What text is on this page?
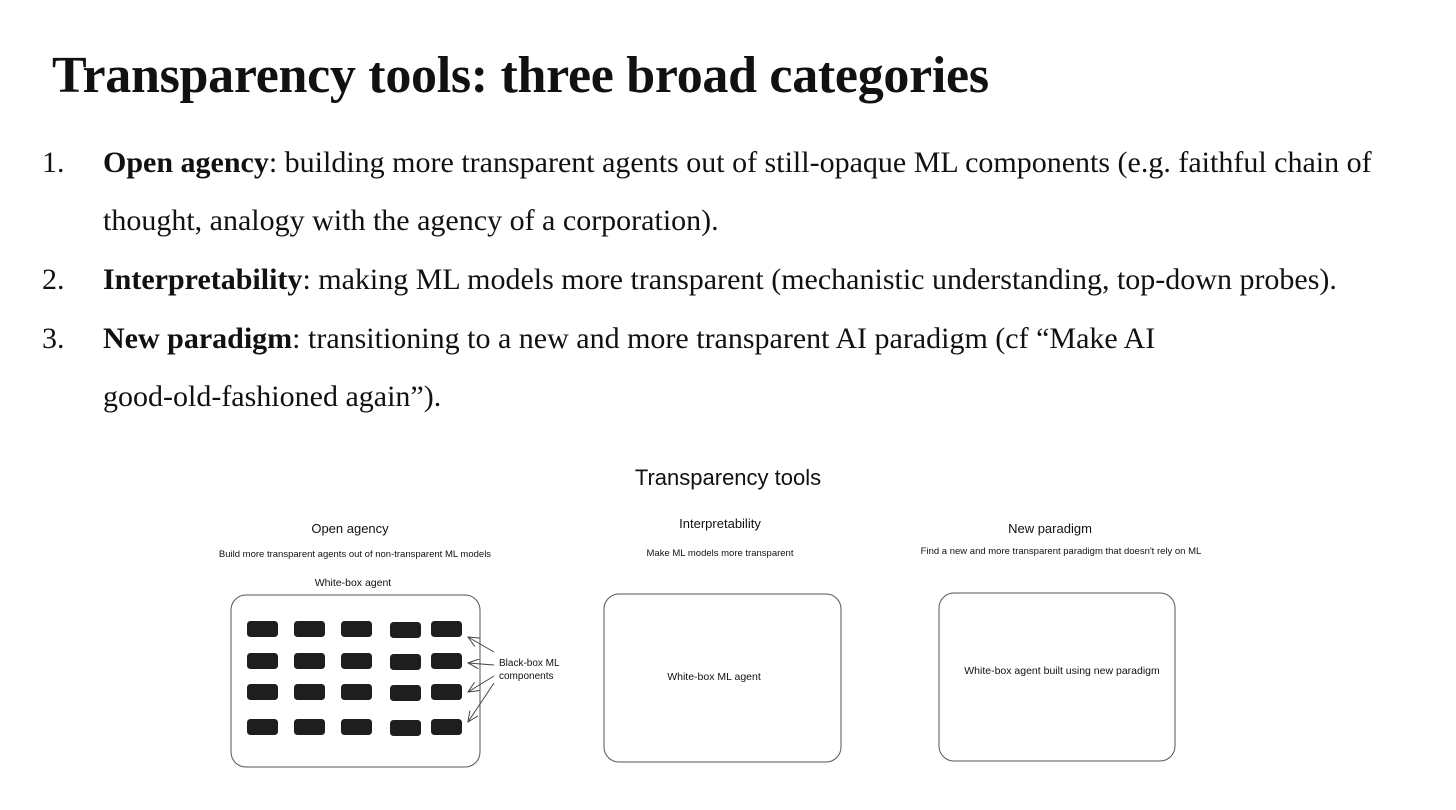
Transparency tools: three broad categories
1. Open agency: building more transparent agents out of still-opaque ML components (e.g. faithful chain of
thought, analogy with the agency of a corporation).
2. Interpretability: making ML models more transparent (mechanistic understanding, top-down probes).
3. New paradigm: transitioning to a new and more transparent AI paradigm (cf “Make AI
good-old-fashioned again”).
Transparency tools
Open agency
Build more transparent agents out of non-transparent ML models
White-box agent
Black-box ML
components
Interpretability
Make ML models more transparent
White-box ML agent
New paradigm
Find a new and more transparent paradigm that doesn't rely on ML
White-box agent built using new paradigm
